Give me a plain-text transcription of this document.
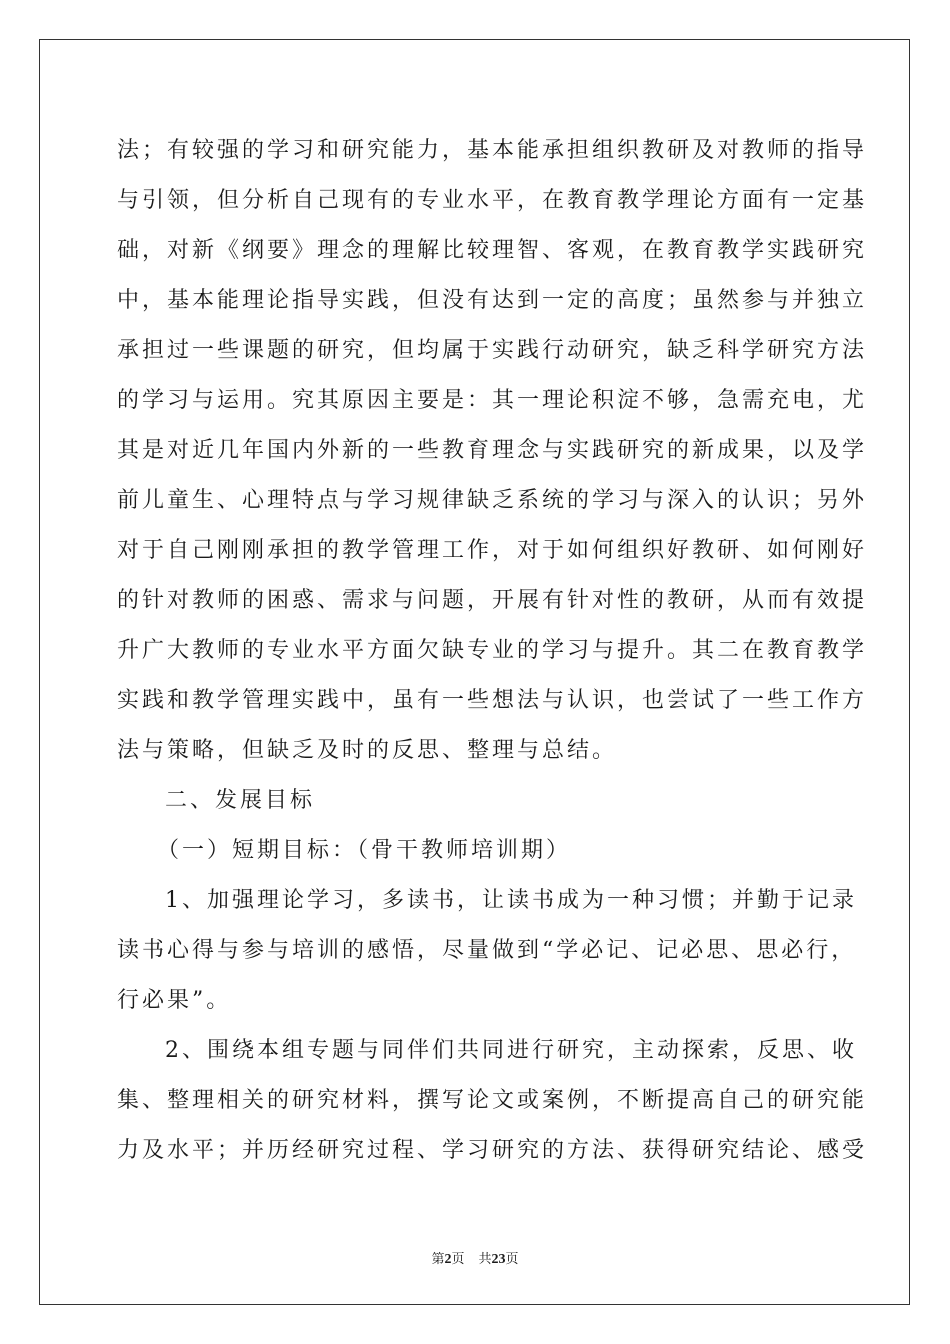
法；有较强的学习和研究能力，基本能承担组织教研及对教师的指导
与引领，但分析自己现有的专业水平，在教育教学理论方面有一定基
础，对新《纲要》理念的理解比较理智、客观，在教育教学实践研究
中，基本能理论指导实践，但没有达到一定的高度；虽然参与并独立
承担过一些课题的研究，但均属于实践行动研究，缺乏科学研究方法
的学习与运用。究其原因主要是：其一理论积淀不够，急需充电，尤
其是对近几年国内外新的一些教育理念与实践研究的新成果，以及学
前儿童生、心理特点与学习规律缺乏系统的学习与深入的认识；另外
对于自己刚刚承担的教学管理工作，对于如何组织好教研、如何刚好
的针对教师的困惑、需求与问题，开展有针对性的教研，从而有效提
升广大教师的专业水平方面欠缺专业的学习与提升。其二在教育教学
实践和教学管理实践中，虽有一些想法与认识，也尝试了一些工作方
法与策略，但缺乏及时的反思、整理与总结。
二、发展目标
（一）短期目标：（骨干教师培训期）
1、加强理论学习，多读书，让读书成为一种习惯；并勤于记录
读书心得与参与培训的感悟，尽量做到“学必记、记必思、思必行，
行必果”。
2、围绕本组专题与同伴们共同进行研究，主动探索，反思、收
集、整理相关的研究材料，撰写论文或案例，不断提高自己的研究能
力及水平；并历经研究过程、学习研究的方法、获得研究结论、感受
第2页 共23页
